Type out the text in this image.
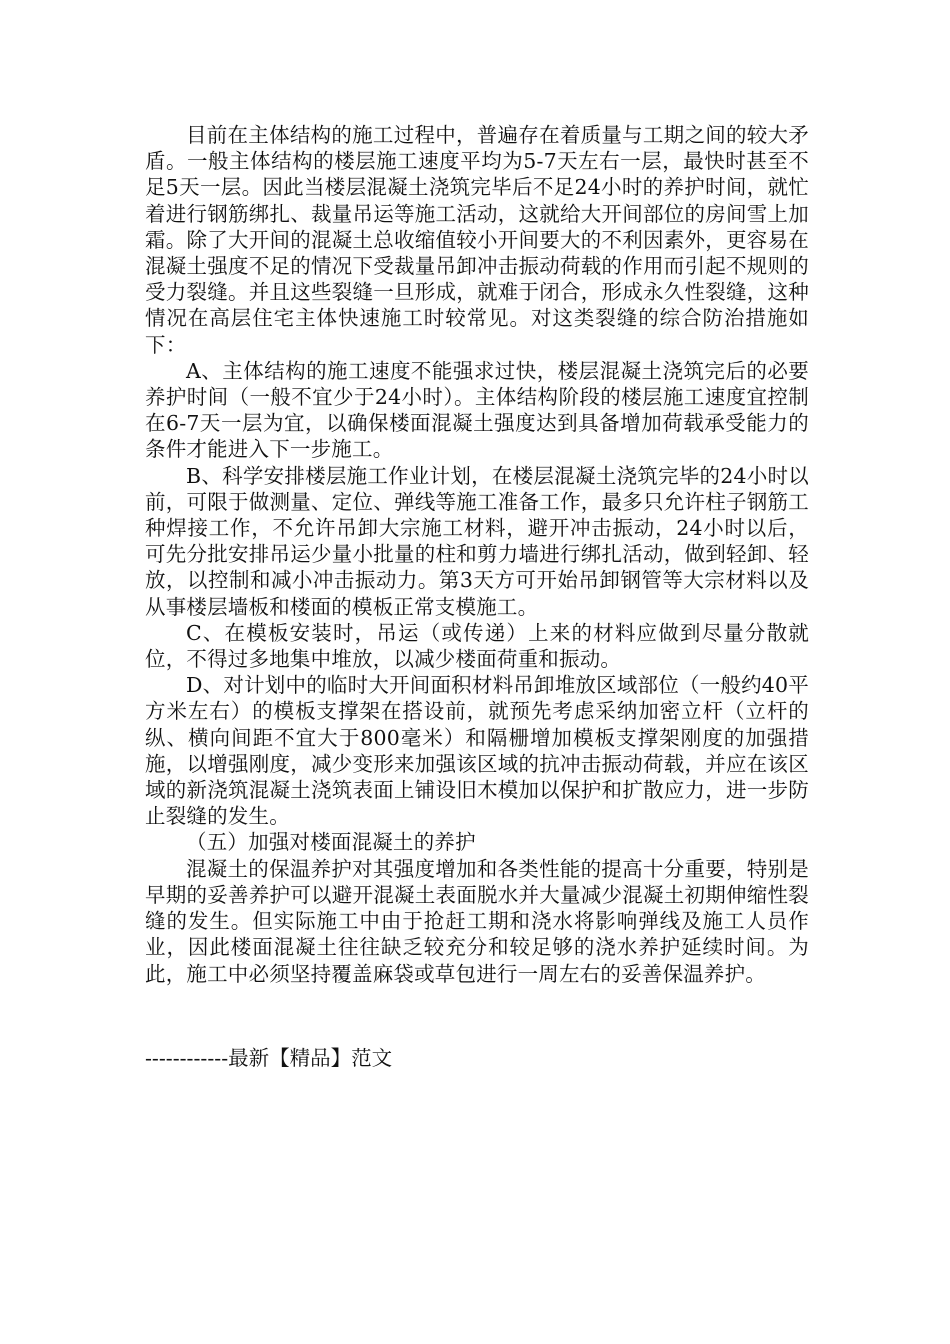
目前在主体结构的施工过程中，普遍存在着质量与工期之间的较大矛盾。一般主体结构的楼层施工速度平均为5-7天左右一层，最快时甚至不足5天一层。因此当楼层混凝土浇筑完毕后不足24小时的养护时间，就忙着进行钢筋绑扎、裁量吊运等施工活动，这就给大开间部位的房间雪上加霜。除了大开间的混凝土总收缩值较小开间要大的不利因素外，更容易在混凝土强度不足的情况下受裁量吊卸冲击振动荷载的作用而引起不规则的受力裂缝。并且这些裂缝一旦形成，就难于闭合，形成永久性裂缝，这种情况在高层住宅主体快速施工时较常见。对这类裂缝的综合防治措施如下：

A、主体结构的施工速度不能强求过快，楼层混凝土浇筑完后的必要养护时间（一般不宜少于24小时）。主体结构阶段的楼层施工速度宜控制在6-7天一层为宜，以确保楼面混凝土强度达到具备增加荷载承受能力的条件才能进入下一步施工。

B、科学安排楼层施工作业计划，在楼层混凝土浇筑完毕的24小时以前，可限于做测量、定位、弹线等施工准备工作，最多只允许柱子钢筋工种焊接工作，不允许吊卸大宗施工材料，避开冲击振动，24小时以后，可先分批安排吊运少量小批量的柱和剪力墙进行绑扎活动，做到轻卸、轻放，以控制和减小冲击振动力。第3天方可开始吊卸钢管等大宗材料以及从事楼层墙板和楼面的模板正常支模施工。

C、在模板安装时，吊运（或传递）上来的材料应做到尽量分散就位，不得过多地集中堆放，以减少楼面荷重和振动。

D、对计划中的临时大开间面积材料吊卸堆放区域部位（一般约40平方米左右）的模板支撑架在搭设前，就预先考虑采纳加密立杆（立杆的纵、横向间距不宜大于800毫米）和隔栅增加模板支撑架刚度的加强措施，以增强刚度，减少变形来加强该区域的抗冲击振动荷载，并应在该区域的新浇筑混凝土浇筑表面上铺设旧木模加以保护和扩散应力，进一步防止裂缝的发生。

（五）加强对楼面混凝土的养护

混凝土的保温养护对其强度增加和各类性能的提高十分重要，特别是早期的妥善养护可以避开混凝土表面脱水并大量减少混凝土初期伸缩性裂缝的发生。但实际施工中由于抢赶工期和浇水将影响弹线及施工人员作业，因此楼面混凝土往往缺乏较充分和较足够的浇水养护延续时间。为此，施工中必须坚持覆盖麻袋或草包进行一周左右的妥善保温养护。

------------最新【精品】范文
